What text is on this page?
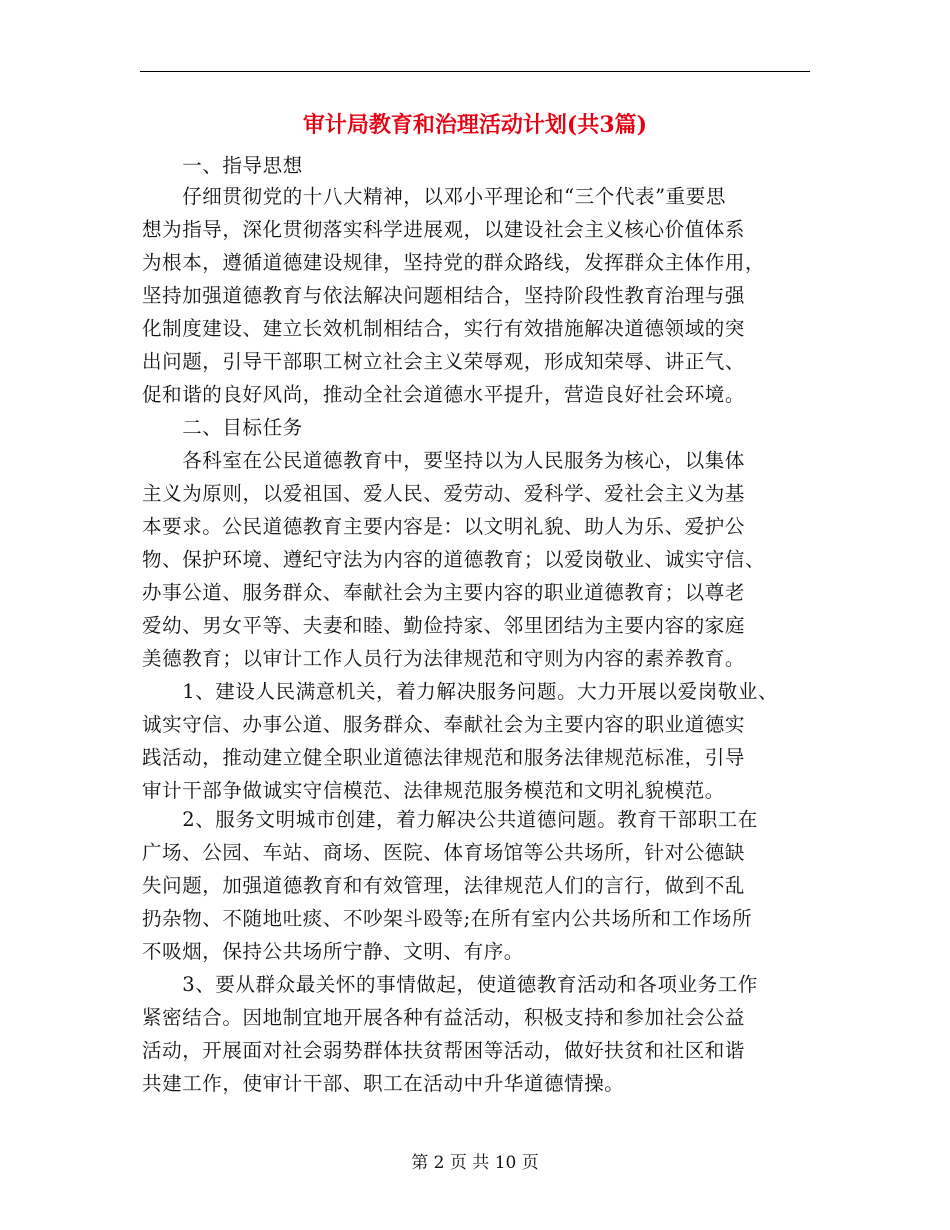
审计局教育和治理活动计划(共3篇)
　　一、指导思想
　　仔细贯彻党的十八大精神，以邓小平理论和“三个代表”重要思
想为指导，深化贯彻落实科学进展观，以建设社会主义核心价值体系
为根本，遵循道德建设规律，坚持党的群众路线，发挥群众主体作用，
坚持加强道德教育与依法解决问题相结合，坚持阶段性教育治理与强
化制度建设、建立长效机制相结合，实行有效措施解决道德领域的突
出问题，引导干部职工树立社会主义荣辱观，形成知荣辱、讲正气、
促和谐的良好风尚，推动全社会道德水平提升，营造良好社会环境。
　　二、目标任务
　　各科室在公民道德教育中，要坚持以为人民服务为核心，以集体
主义为原则，以爱祖国、爱人民、爱劳动、爱科学、爱社会主义为基
本要求。公民道德教育主要内容是：以文明礼貌、助人为乐、爱护公
物、保护环境、遵纪守法为内容的道德教育；以爱岗敬业、诚实守信、
办事公道、服务群众、奉献社会为主要内容的职业道德教育；以尊老
爱幼、男女平等、夫妻和睦、勤俭持家、邻里团结为主要内容的家庭
美德教育；以审计工作人员行为法律规范和守则为内容的素养教育。
　　1、建设人民满意机关，着力解决服务问题。大力开展以爱岗敬业、
诚实守信、办事公道、服务群众、奉献社会为主要内容的职业道德实
践活动，推动建立健全职业道德法律规范和服务法律规范标准，引导
审计干部争做诚实守信模范、法律规范服务模范和文明礼貌模范。
　　2、服务文明城市创建，着力解决公共道德问题。教育干部职工在
广场、公园、车站、商场、医院、体育场馆等公共场所，针对公德缺
失问题，加强道德教育和有效管理，法律规范人们的言行，做到不乱
扔杂物、不随地吐痰、不吵架斗殴等;在所有室内公共场所和工作场所
不吸烟，保持公共场所宁静、文明、有序。
　　3、要从群众最关怀的事情做起，使道德教育活动和各项业务工作
紧密结合。因地制宜地开展各种有益活动，积极支持和参加社会公益
活动，开展面对社会弱势群体扶贫帮困等活动，做好扶贫和社区和谐
共建工作，使审计干部、职工在活动中升华道德情操。
第 2 页 共 10 页
